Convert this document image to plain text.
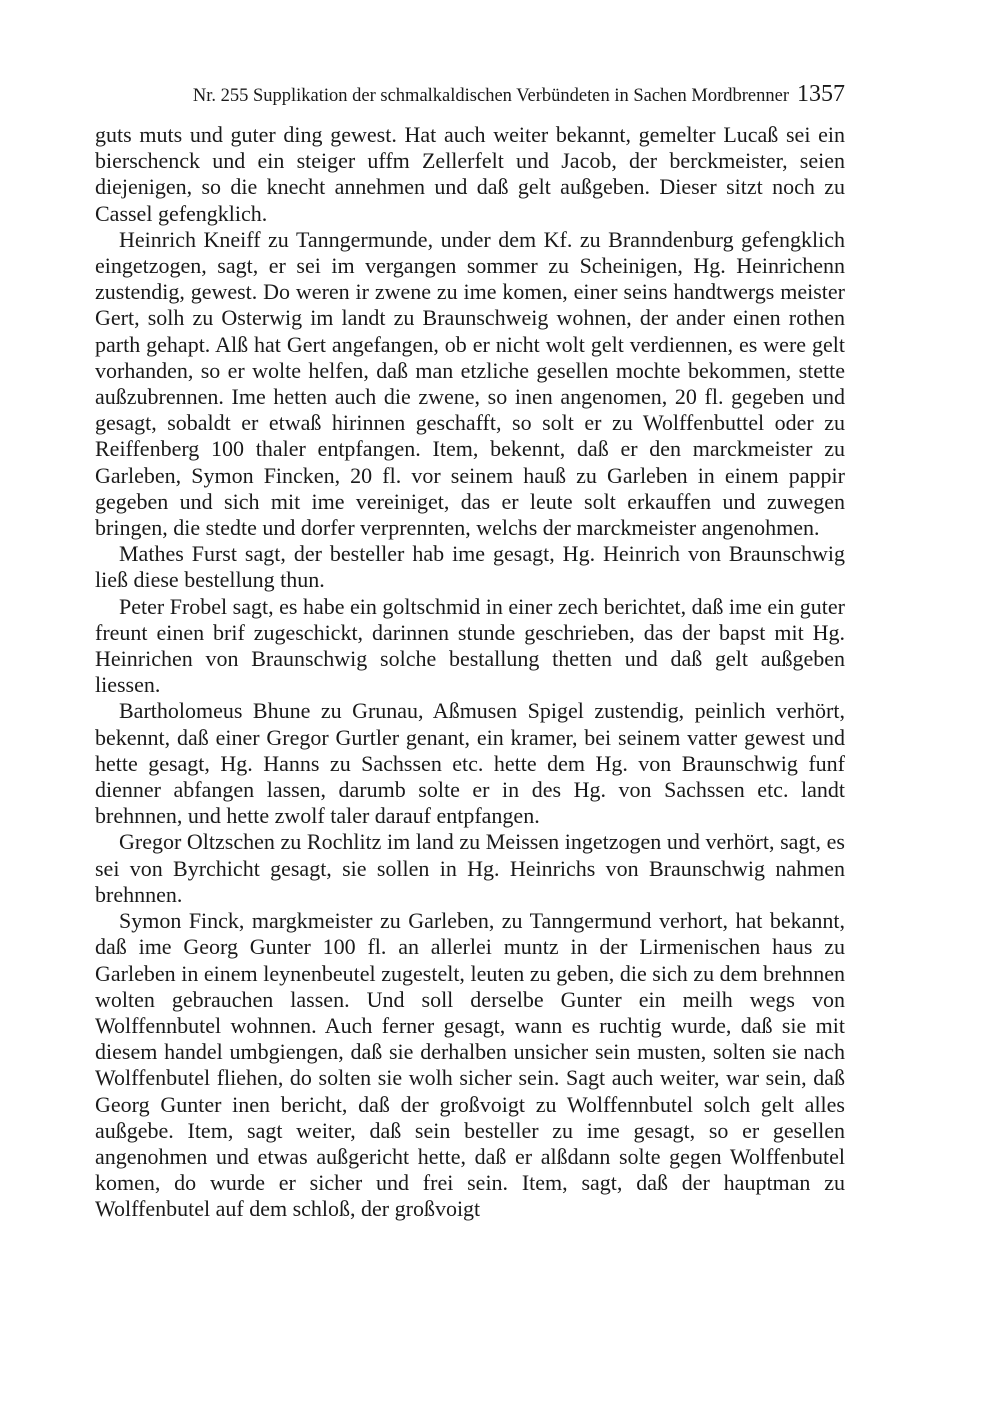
Nr. 255 Supplikation der schmalkaldischen Verbündeten in Sachen Mordbrenner 1357

guts muts und guter ding gewest. Hat auch weiter bekannt, gemelter Lucaß sei ein bierschenck und ein steiger uffm Zellerfelt und Jacob, der berckmeister, seien diejenigen, so die knecht annehmen und daß gelt außgeben. Dieser sitzt noch zu Cassel gefengklich.

Heinrich Kneiff zu Tanngermunde, under dem Kf. zu Branndenburg gefengklich eingetzogen, sagt, er sei im vergangen sommer zu Scheinigen, Hg. Heinrichenn zustendig, gewest. Do weren ir zwene zu ime komen, einer seins handtwergs meister Gert, solh zu Osterwig im landt zu Braunschweig wohnen, der ander einen rothen parth gehapt. Alß hat Gert angefangen, ob er nicht wolt gelt verdiennen, es were gelt vorhanden, so er wolte helfen, daß man etzliche gesellen mochte bekommen, stette außzubrennen. Ime hetten auch die zwene, so inen angenomen, 20 fl. gegeben und gesagt, sobaldt er etwaß hirinnen geschafft, so solt er zu Wolffenbuttel oder zu Reiffenberg 100 thaler entpfangen. Item, bekennt, daß er den marckmeister zu Garleben, Symon Fincken, 20 fl. vor seinem hauß zu Garleben in einem pappir gegeben und sich mit ime vereiniget, das er leute solt erkauffen und zuwegen bringen, die stedte und dorfer verprennten, welchs der marckmeister angenohmen.

Mathes Furst sagt, der besteller hab ime gesagt, Hg. Heinrich von Braunschwig ließ diese bestellung thun.

Peter Frobel sagt, es habe ein goltschmid in einer zech berichtet, daß ime ein guter freunt einen brif zugeschickt, darinnen stunde geschrieben, das der bapst mit Hg. Heinrichen von Braunschwig solche bestallung thetten und daß gelt außgeben liessen.

Bartholomeus Bhune zu Grunau, Aßmusen Spigel zustendig, peinlich verhört, bekennt, daß einer Gregor Gurtler genant, ein kramer, bei seinem vatter gewest und hette gesagt, Hg. Hanns zu Sachssen etc. hette dem Hg. von Braunschwig funf dienner abfangen lassen, darumb solte er in des Hg. von Sachssen etc. landt brehnnen, und hette zwolf taler darauf entpfangen.

Gregor Oltzschen zu Rochlitz im land zu Meissen ingetzogen und verhört, sagt, es sei von Byrchicht gesagt, sie sollen in Hg. Heinrichs von Braunschwig nahmen brehnnen.

Symon Finck, margkmeister zu Garleben, zu Tanngermund verhort, hat bekannt, daß ime Georg Gunter 100 fl. an allerlei muntz in der Lirmenischen haus zu Garleben in einem leynenbeutel zugestelt, leuten zu geben, die sich zu dem brehnnen wolten gebrauchen lassen. Und soll derselbe Gunter ein meilh wegs von Wolffennbutel wohnnen. Auch ferner gesagt, wann es ruchtig wurde, daß sie mit diesem handel umbgiengen, daß sie derhalben unsicher sein musten, solten sie nach Wolffenbutel fliehen, do solten sie wolh sicher sein. Sagt auch weiter, war sein, daß Georg Gunter inen bericht, daß der großvoigt zu Wolffennbutel solch gelt alles außgebe. Item, sagt weiter, daß sein besteller zu ime gesagt, so er gesellen angenohmen und etwas außgericht hette, daß er alßdann solte gegen Wolffenbutel komen, do wurde er sicher und frei sein. Item, sagt, daß der hauptman zu Wolffenbutel auf dem schloß, der großvoigt
